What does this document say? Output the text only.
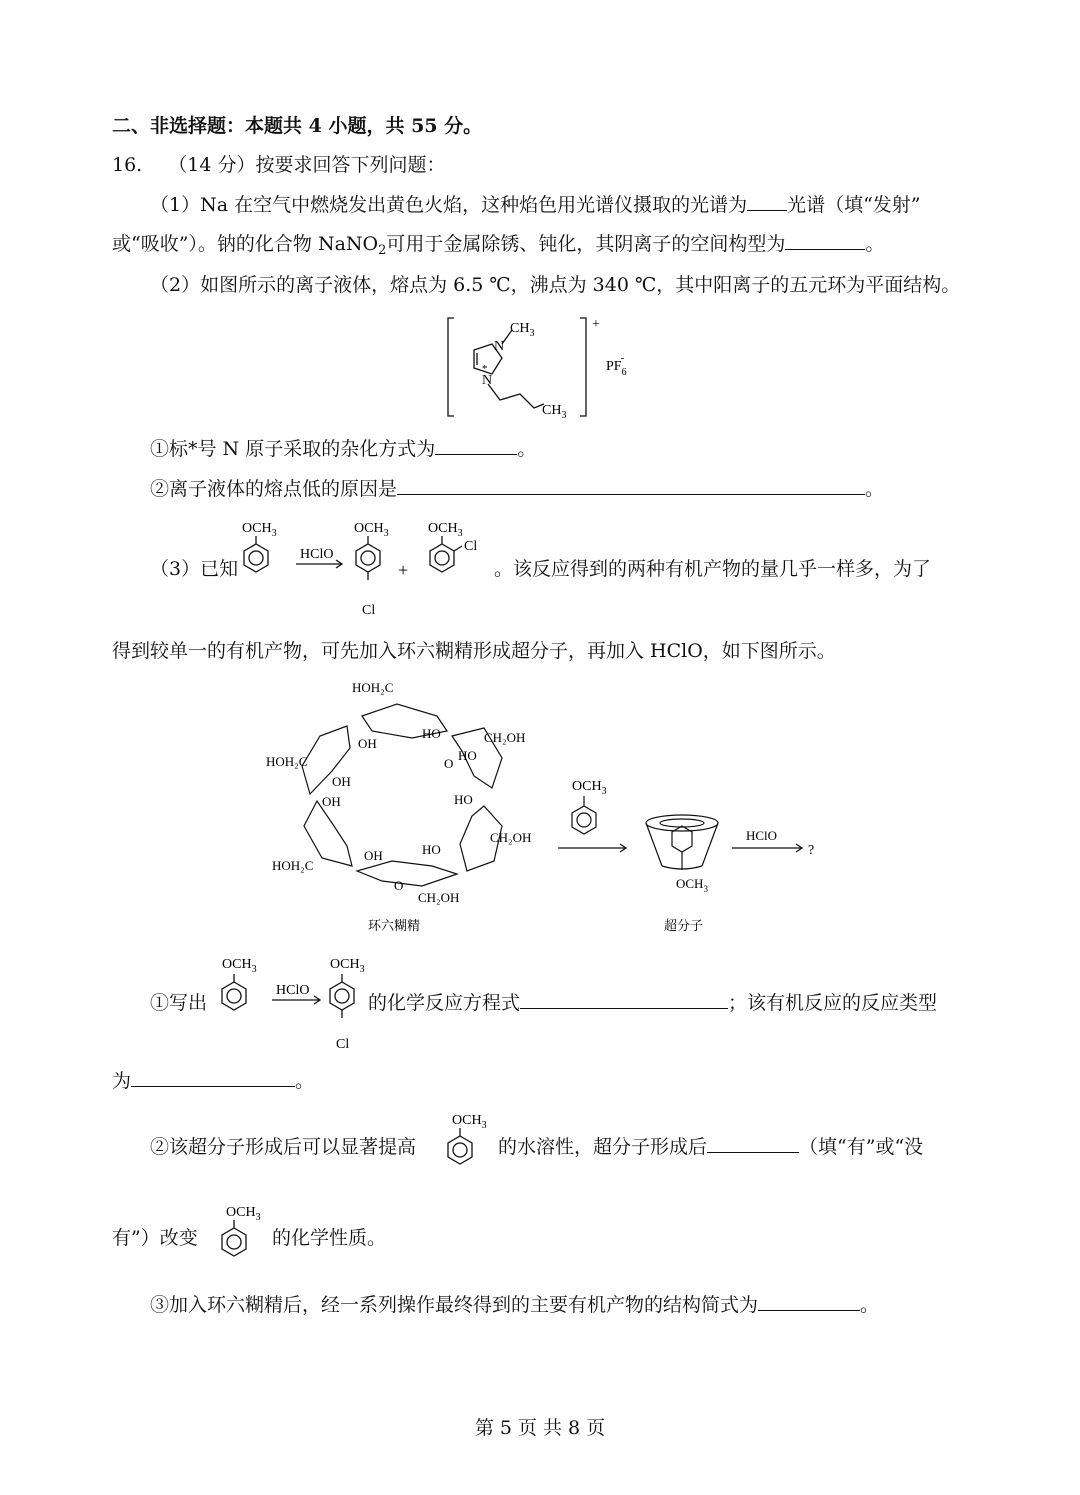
二、非选择题：本题共 4 小题，共 55 分。
16. （14 分）按要求回答下列问题：
（1）Na 在空气中燃烧发出黄色火焰，这种焰色用光谱仪摄取的光谱为 光谱（填“发射”
或“吸收”）。钠的化合物 NaNO$_2$可用于金属除锈、钝化，其阴离子的空间构型为	。
（2）如图所示的离子液体，熔点为 6.5 ℃，沸点为 340 ℃，其中阳离子的五元环为平面结构。
$CH_3$
N
N
*
$CH_3$
+
$PF_6-$
①标*号 N 原子采取的杂化方式为	。
②离子液体的熔点低的原因是	。
（3）已知
$OCH_3$
HClO
$OCH_3$
Cl
+
$OCH_3$
Cl
。该反应得到的两种有机产物的量几乎一样多，为了
得到较单一的有机产物，可先加入环六糊精形成超分子，再加入 HClO，如下图所示。
HOH₂C
OH
HO	CH₂OH
HO
HOH₂C
OH
O
HO
CH₂OH
OH
HOH₂C
OH	HO
CH₂OH
O
$OCH_3$
$OCH_3$
HClO
?
环六糊精	超分子
①写出
$OCH_3$
HClO
$OCH_3$
Cl
的化学反应方程式	；该有机反应的反应类型
为	。
②该超分子形成后可以显著提高
$OCH_3$
的水溶性，超分子形成后	（填“有”或“没
有”）改变
$OCH_3$
的化学性质。
③加入环六糊精后，经一系列操作最终得到的主要有机产物的结构简式为	。
第 5 页 共 8 页
